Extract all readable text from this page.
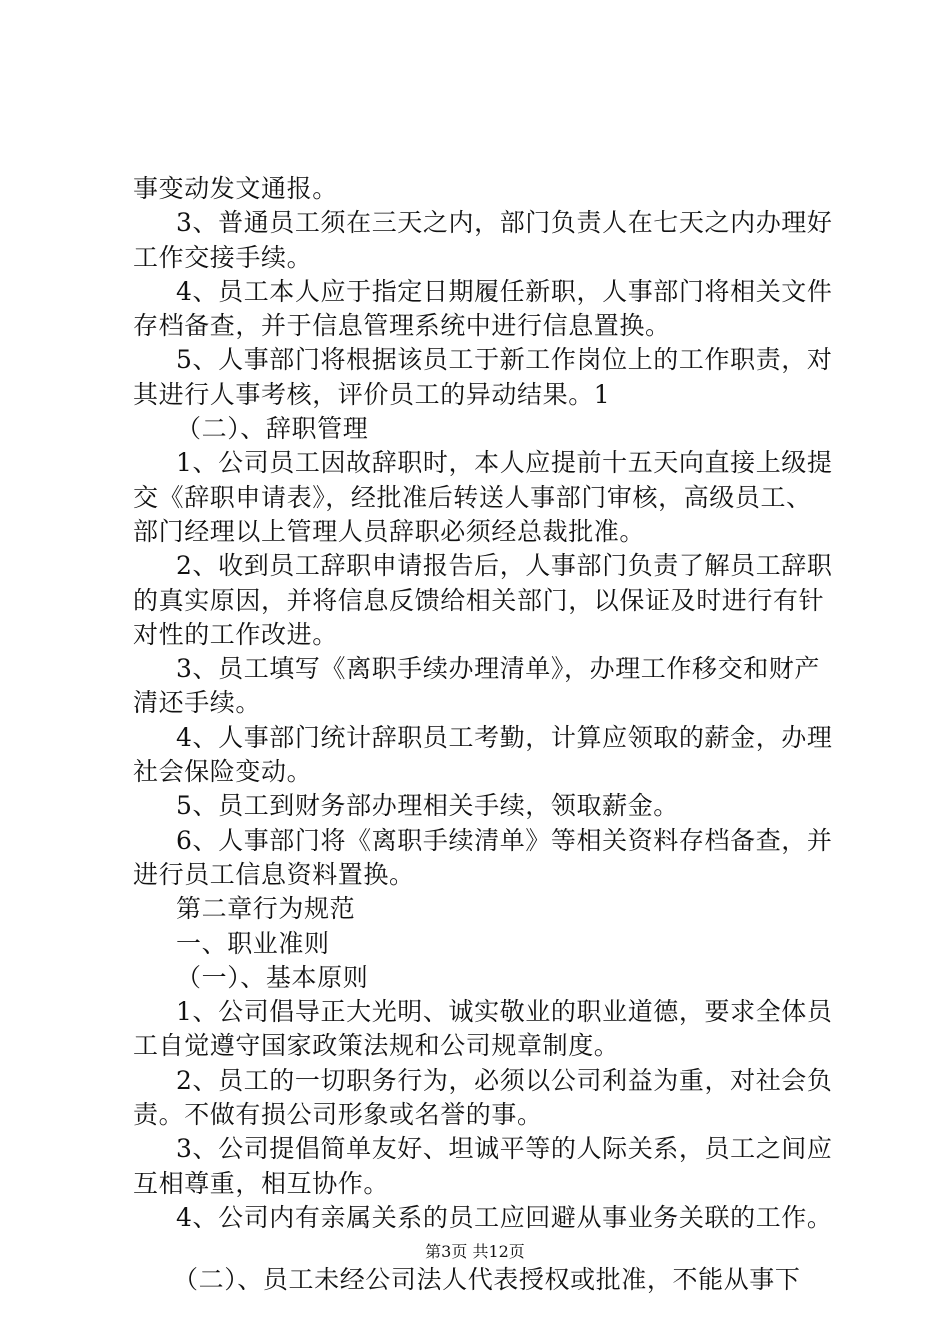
事变动发文通报。
3、普通员工须在三天之内，部门负责人在七天之内办理好
工作交接手续。
4、员工本人应于指定日期履任新职，人事部门将相关文件
存档备查，并于信息管理系统中进行信息置换。
5、人事部门将根据该员工于新工作岗位上的工作职责，对
其进行人事考核，评价员工的异动结果。1
（二）、辞职管理
1、公司员工因故辞职时，本人应提前十五天向直接上级提
交《辞职申请表》，经批准后转送人事部门审核，高级员工、
部门经理以上管理人员辞职必须经总裁批准。
2、收到员工辞职申请报告后，人事部门负责了解员工辞职
的真实原因，并将信息反馈给相关部门，以保证及时进行有针
对性的工作改进。
3、员工填写《离职手续办理清单》，办理工作移交和财产
清还手续。
4、人事部门统计辞职员工考勤，计算应领取的薪金，办理
社会保险变动。
5、员工到财务部办理相关手续，领取薪金。
6、人事部门将《离职手续清单》等相关资料存档备查，并
进行员工信息资料置换。
第二章行为规范
一、职业准则
（一）、基本原则
1、公司倡导正大光明、诚实敬业的职业道德，要求全体员
工自觉遵守国家政策法规和公司规章制度。
2、员工的一切职务行为，必须以公司利益为重，对社会负
责。不做有损公司形象或名誉的事。
3、公司提倡简单友好、坦诚平等的人际关系，员工之间应
互相尊重，相互协作。
4、公司内有亲属关系的员工应回避从事业务关联的工作。
（二）、员工未经公司法人代表授权或批准，不能从事下
第3页 共12页
